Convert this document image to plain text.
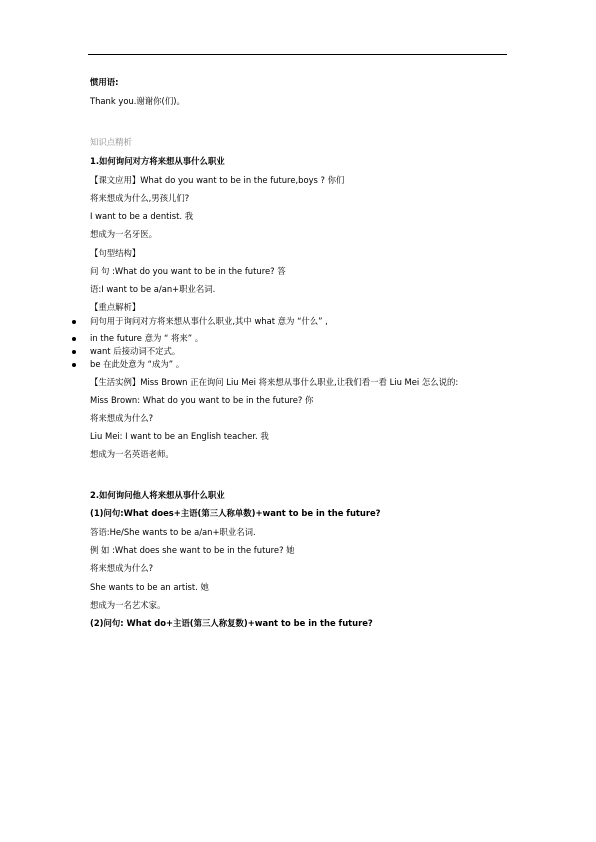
惯用语:
Thank you.谢谢你(们)。
知识点精析
1.如何询问对方将来想从事什么职业
【课文应用】What do you want to be in the future,boys ? 你们
将来想成为什么,男孩儿们?
I want to be a dentist. 我
想成为一名牙医。
【句型结构】
问 句 :What do you want to be in the future? 答
语:I want to be a/an+职业名词.
【重点解析】
问句用于询问对方将来想从事什么职业,其中 what 意为 “什么” ,
in the future 意为 “ 将来” 。
want 后接动词不定式。
be 在此处意为 “成为” 。
【生活实例】Miss Brown 正在询问 Liu Mei 将来想从事什么职业,让我们看一看 Liu Mei 怎么说的:
Miss Brown: What do you want to be in the future? 你
将来想成为什么?
Liu Mei: I want to be an English teacher. 我
想成为一名英语老师。
2.如何询问他人将来想从事什么职业
(1)问句:What does+主语(第三人称单数)+want to be in the future?
答语:He/She wants to be a/an+职业名词.
例 如 :What does she want to be in the future? 她
将来想成为什么?
She wants to be an artist. 她
想成为一名艺术家。
(2)问句: What do+主语(第三人称复数)+want to be in the future?
